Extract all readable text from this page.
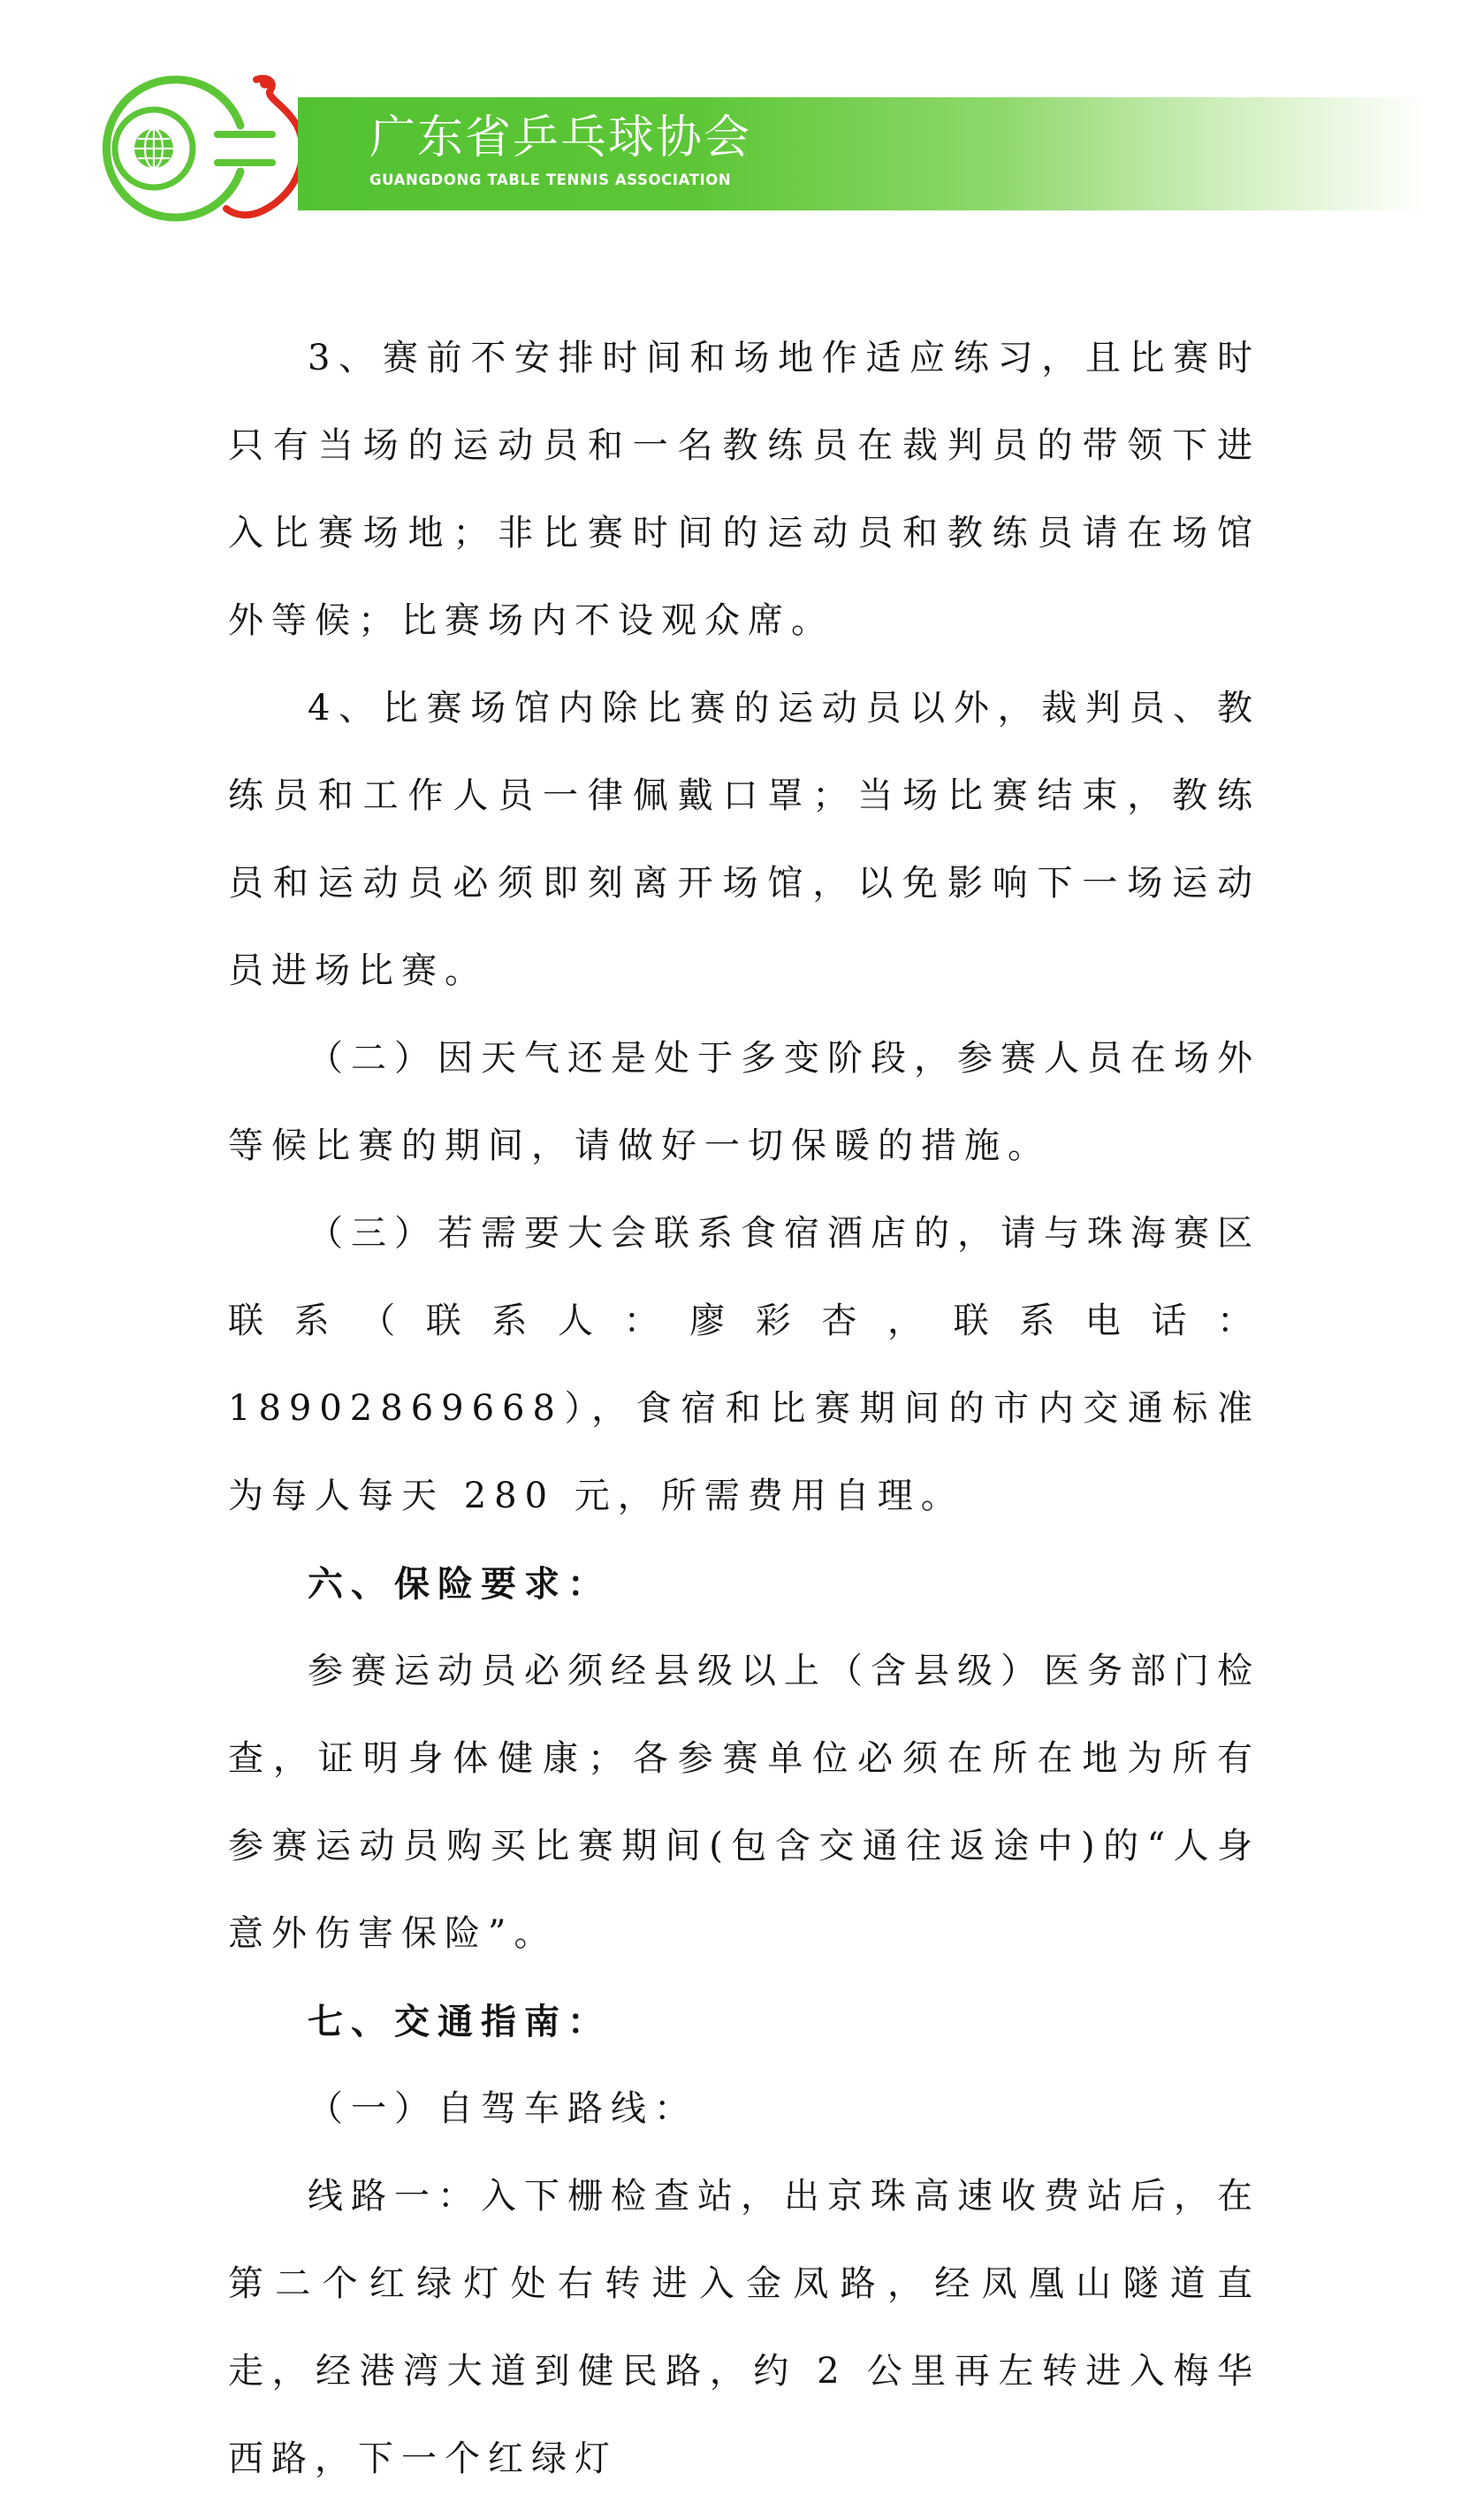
广东省乒乓球协会
GUANGDONG TABLE TENNIS ASSOCIATION

3、赛前不安排时间和场地作适应练习，且比赛时只有当场的运动员和一名教练员在裁判员的带领下进入比赛场地；非比赛时间的运动员和教练员请在场馆外等候；比赛场内不设观众席。

4、比赛场馆内除比赛的运动员以外，裁判员、教练员和工作人员一律佩戴口罩；当场比赛结束，教练员和运动员必须即刻离开场馆，以免影响下一场运动员进场比赛。

（二）因天气还是处于多变阶段，参赛人员在场外等候比赛的期间，请做好一切保暖的措施。

（三）若需要大会联系食宿酒店的，请与珠海赛区联系（联系人：廖彩杏，联系电话：18902869668），食宿和比赛期间的市内交通标准为每人每天 280 元，所需费用自理。

六、保险要求：

参赛运动员必须经县级以上（含县级）医务部门检查，证明身体健康；各参赛单位必须在所在地为所有参赛运动员购买比赛期间(包含交通往返途中)的“人身意外伤害保险”。

七、交通指南：

（一）自驾车路线：

线路一：入下栅检查站，出京珠高速收费站后，在第二个红绿灯处右转进入金凤路，经凤凰山隧道直走，经港湾大道到健民路，约 2 公里再左转进入梅华西路，下一个红绿灯
